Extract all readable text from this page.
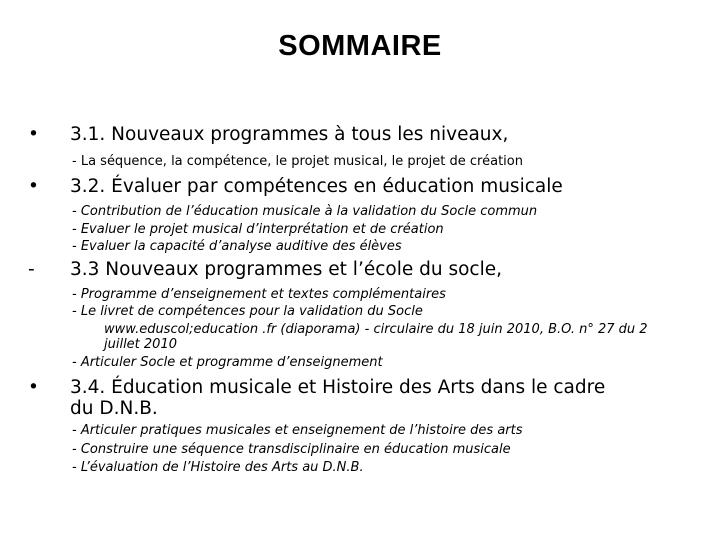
SOMMAIRE
• 3.1. Nouveaux programmes à tous les niveaux,
- La séquence, la compétence, le projet musical, le projet de création
• 3.2. Évaluer par compétences en éducation musicale
- Contribution de l’éducation musicale à la validation du Socle commun
- Evaluer le projet musical d’interprétation et de création
- Evaluer la capacité d’analyse auditive des élèves
- 3.3 Nouveaux programmes et l’école du socle,
- Programme d’enseignement et textes complémentaires
- Le livret de compétences pour la validation du Socle
www.eduscol;education .fr (diaporama) - circulaire du 18 juin 2010, B.O. n° 27 du 2
juillet 2010
- Articuler Socle et programme d’enseignement
• 3.4. Éducation musicale et Histoire des Arts dans le cadre
du D.N.B.
- Articuler pratiques musicales et enseignement de l’histoire des arts
- Construire une séquence transdisciplinaire en éducation musicale
- L’évaluation de l’Histoire des Arts au D.N.B.
